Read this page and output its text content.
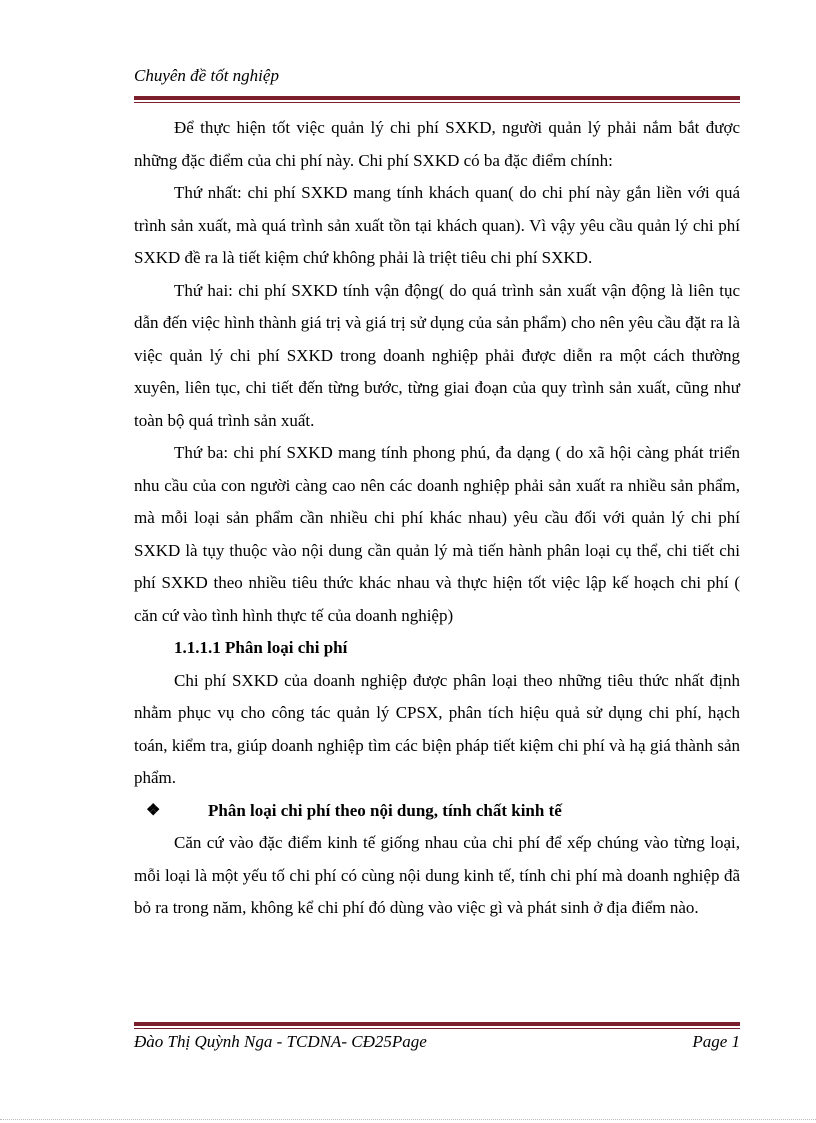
Chuyên đề tốt nghiệp

Để thực hiện tốt việc quản lý chi phí SXKD, người quản lý phải nắm bắt được những đặc điểm của chi phí này. Chi phí SXKD có ba đặc điểm chính:

Thứ nhất: chi phí SXKD mang tính khách quan( do chi phí này gắn liền với quá trình sản xuất, mà quá trình sản xuất tồn tại khách quan). Vì vậy yêu cầu quản lý chi phí SXKD đề ra là tiết kiệm chứ không phải là triệt tiêu chi phí SXKD.

Thứ hai: chi phí SXKD tính vận động( do quá trình sản xuất vận động là liên tục dẫn đến việc hình thành giá trị và giá trị sử dụng của sản phẩm) cho nên yêu cầu đặt ra là việc quản lý chi phí SXKD trong doanh nghiệp phải được diễn ra một cách thường xuyên, liên tục, chi tiết đến từng bước, từng giai đoạn của quy trình sản xuất, cũng như toàn bộ quá trình sản xuất.

Thứ ba: chi phí SXKD mang tính phong phú, đa dạng ( do xã hội càng phát triển nhu cầu của con người càng cao nên các doanh nghiệp phải sản xuất ra nhiều sản phẩm, mà mỗi loại sản phẩm cần nhiều chi phí khác nhau) yêu cầu đối với quản lý chi phí SXKD là tụy thuộc vào nội dung cần quản lý mà tiến hành phân loại cụ thể, chi tiết chi phí SXKD theo nhiều tiêu thức khác nhau và thực hiện tốt việc lập kế hoạch chi phí ( căn cứ vào tình hình thực tế của doanh nghiệp)

1.1.1.1 Phân loại chi phí

Chi phí SXKD của doanh nghiệp được phân loại theo những tiêu thức nhất định nhằm phục vụ cho công tác quản lý CPSX, phân tích hiệu quả sử dụng chi phí, hạch toán, kiểm tra, giúp doanh nghiệp tìm các biện pháp tiết kiệm chi phí và hạ giá thành sản phẩm.

❖	Phân loại chi phí theo nội dung, tính chất kinh tế

Căn cứ vào đặc điểm kinh tế giống nhau của chi phí để xếp chúng vào từng loại, mỗi loại là một yếu tố chi phí có cùng nội dung kinh tế, tính chi phí mà doanh nghiệp đã bỏ ra trong năm, không kể chi phí đó dùng vào việc gì và phát sinh ở địa điểm nào.

Đào Thị Quỳnh Nga - TCDNA- CĐ25Page	Page 1
